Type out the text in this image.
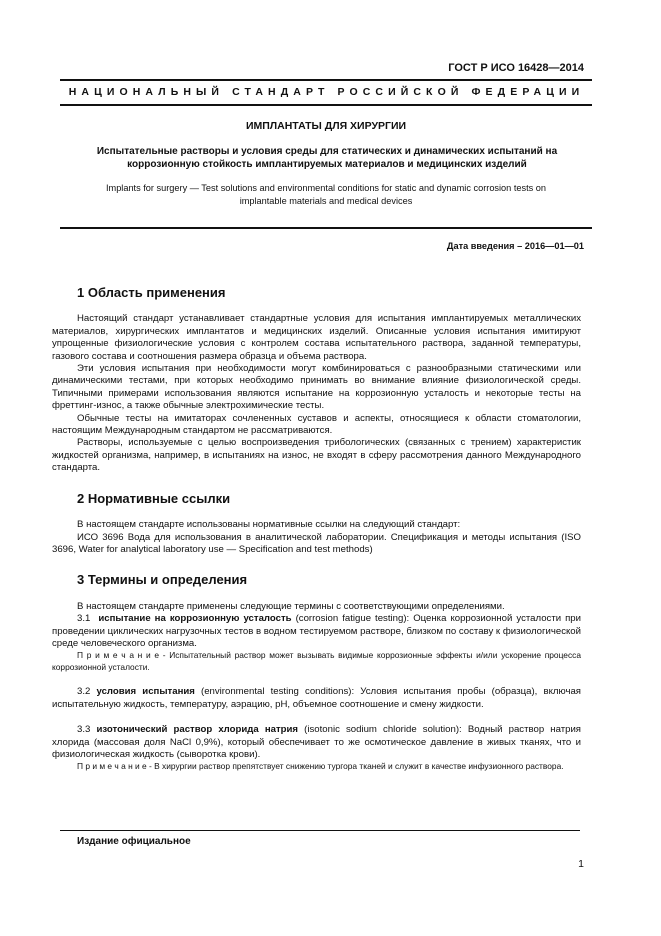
ГОСТ Р ИСО 16428—2014
НАЦИОНАЛЬНЫЙ СТАНДАРТ РОССИЙСКОЙ ФЕДЕРАЦИИ
ИМПЛАНТАТЫ ДЛЯ ХИРУРГИИ
Испытательные растворы и условия среды для статических и динамических испытаний на
коррозионную стойкость имплантируемых материалов и медицинских изделий
Implants for surgery — Test solutions and environmental conditions for static and dynamic corrosion tests on
implantable materials and medical devices
Дата введения – 2016—01—01
1 Область применения

Настоящий стандарт устанавливает стандартные условия для испытания имплантируемых металлических материалов, хирургических имплантатов и медицинских изделий. Описанные условия испытания имитируют упрощенные физиологические условия с контролем состава испытательного раствора, заданной температуры, газового состава и соотношения размера образца и объема раствора.

Эти условия испытания при необходимости могут комбинироваться с разнообразными статическими или динамическими тестами, при которых необходимо принимать во внимание влияние физиологической среды. Типичными примерами использования являются испытание на коррозионную усталость и некоторые тесты на фреттинг-износ, а также обычные электрохимические тесты.

Обычные тесты на имитаторах сочлененных суставов и аспекты, относящиеся к области стоматологии, настоящим Международным стандартом не рассматриваются.

Растворы, используемые с целью воспроизведения трибологических (связанных с трением) характеристик жидкостей организма, например, в испытаниях на износ, не входят в сферу рассмотрения данного Международного стандарта.

2 Нормативные ссылки

В настоящем стандарте использованы нормативные ссылки на следующий стандарт:

ИСО 3696 Вода для использования в аналитической лаборатории. Спецификация и методы испытания (ISO 3696, Water for analytical laboratory use — Specification and test methods)

3 Термины и определения

В настоящем стандарте применены следующие термины с соответствующими определениями.

3.1 испытание на коррозионную усталость (corrosion fatigue testing): Оценка коррозионной усталости при проведении циклических нагрузочных тестов в водном тестируемом растворе, близком по составу к физиологической среде человеческого организма.

П р и м е ч а н и е - Испытательный раствор может вызывать видимые коррозионные эффекты и/или ускорение процесса коррозионной усталости.

3.2 условия испытания (environmental testing conditions): Условия испытания пробы (образца), включая испытательную жидкость, температуру, аэрацию, pH, объемное соотношение и смену жидкости.

3.3 изотонический раствор хлорида натрия (isotonic sodium chloride solution): Водный раствор натрия хлорида (массовая доля NaCl 0,9%), который обеспечивает то же осмотическое давление в живых тканях, что и физиологическая жидкость (сыворотка крови).

П р и м е ч а н и е - В хирургии раствор препятствует снижению тургора тканей и служит в качестве инфузионного раствора.

Издание официальное
1
